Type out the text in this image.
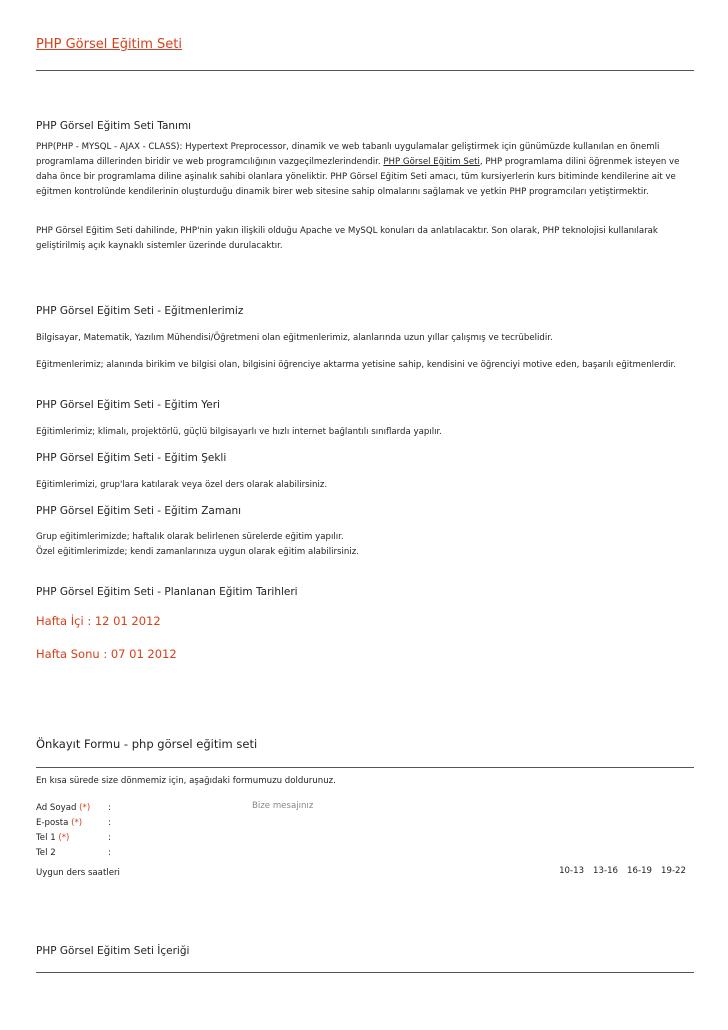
PHP Görsel Eğitim Seti
PHP Görsel Eğitim Seti Tanımı
PHP(PHP - MYSQL - AJAX - CLASS): Hypertext Preprocessor, dinamik ve web tabanlı uygulamalar geliştirmek için günümüzde kullanılan en önemli programlama dillerinden biridir ve web programcılığının vazgeçilmezlerindendir. PHP Görsel Eğitim Seti, PHP programlama dilini öğrenmek isteyen ve daha önce bir programlama diline aşinalık sahibi olanlara yöneliktir. PHP Görsel Eğitim Seti amacı, tüm kursiyerlerin kurs bitiminde kendilerine ait ve eğitmen kontrolünde kendilerinin oluşturduğu dinamik birer web sitesine sahip olmalarını sağlamak ve yetkin PHP programcıları yetiştirmektir.
PHP Görsel Eğitim Seti dahilinde, PHP'nin yakın ilişkili olduğu Apache ve MySQL konuları da anlatılacaktır. Son olarak, PHP teknolojisi kullanılarak geliştirilmiş açık kaynaklı sistemler üzerinde durulacaktır.
PHP Görsel Eğitim Seti - Eğitmenlerimiz
Bilgisayar, Matematik, Yazılım Mühendisi/Öğretmeni olan eğitmenlerimiz, alanlarında uzun yıllar çalışmış ve tecrübelidir.
Eğitmenlerimiz; alanında birikim ve bilgisi olan, bilgisini öğrenciye aktarma yetisine sahip, kendisini ve öğrenciyi motive eden, başarılı eğitmenlerdir.
PHP Görsel Eğitim Seti - Eğitim Yeri
Eğitimlerimiz; klimalı, projektörlü, güçlü bilgisayarlı ve hızlı internet bağlantılı sınıflarda yapılır.
PHP Görsel Eğitim Seti - Eğitim Şekli
Eğitimlerimizi, grup'lara katılarak veya özel ders olarak alabilirsiniz.
PHP Görsel Eğitim Seti - Eğitim Zamanı
Grup eğitimlerimizde; haftalık olarak belirlenen sürelerde eğitim yapılır.
Özel eğitimlerimizde; kendi zamanlarınıza uygun olarak eğitim alabilirsiniz.
PHP Görsel Eğitim Seti - Planlanan Eğitim Tarihleri
Hafta İçi : 12 01 2012
Hafta Sonu : 07 01 2012
Önkayıt Formu - php görsel eğitim seti
En kısa sürede size dönmemiz için, aşağıdaki formumuzu doldurunuz.
Ad Soyad (*) :
E-posta (*)	:
Tel 1 (*)	:
Tel 2	:
Bize mesajınız
Uygun ders saatleri	10-13 13-16 16-19 19-22
PHP Görsel Eğitim Seti İçeriği
